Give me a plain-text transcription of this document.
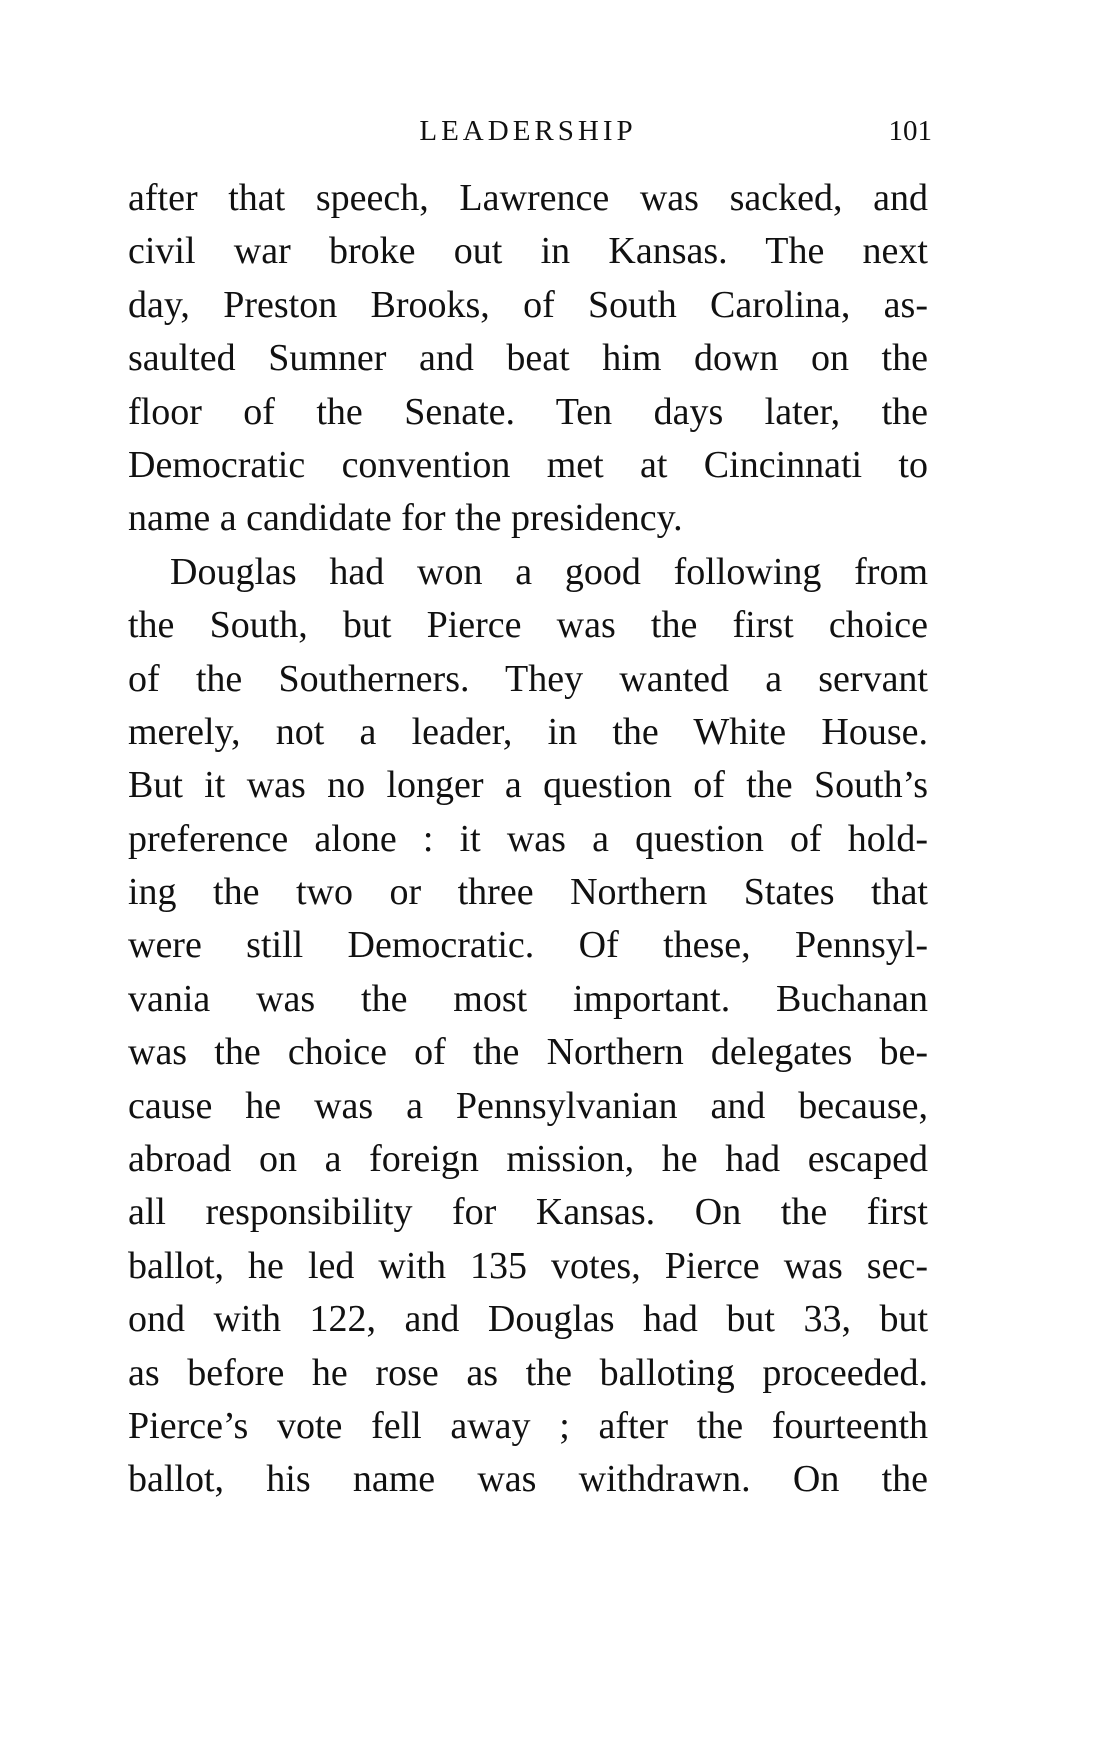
LEADERSHIP	101
after that speech, Lawrence was sacked, and
civil war broke out in Kansas. The next
day, Preston Brooks, of South Carolina, as-
saulted Sumner and beat him down on the
floor of the Senate. Ten days later, the
Democratic convention met at Cincinnati to
name a candidate for the presidency.
Douglas had won a good following from
the South, but Pierce was the first choice
of the Southerners. They wanted a servant
merely, not a leader, in the White House.
But it was no longer a question of the South’s
preference alone : it was a question of hold-
ing the two or three Northern States that
were still Democratic. Of these, Pennsyl-
vania was the most important. Buchanan
was the choice of the Northern delegates be-
cause he was a Pennsylvanian and because,
abroad on a foreign mission, he had escaped
all responsibility for Kansas. On the first
ballot, he led with 135 votes, Pierce was sec-
ond with 122, and Douglas had but 33, but
as before he rose as the balloting proceeded.
Pierce’s vote fell away ; after the fourteenth
ballot, his name was withdrawn. On the
